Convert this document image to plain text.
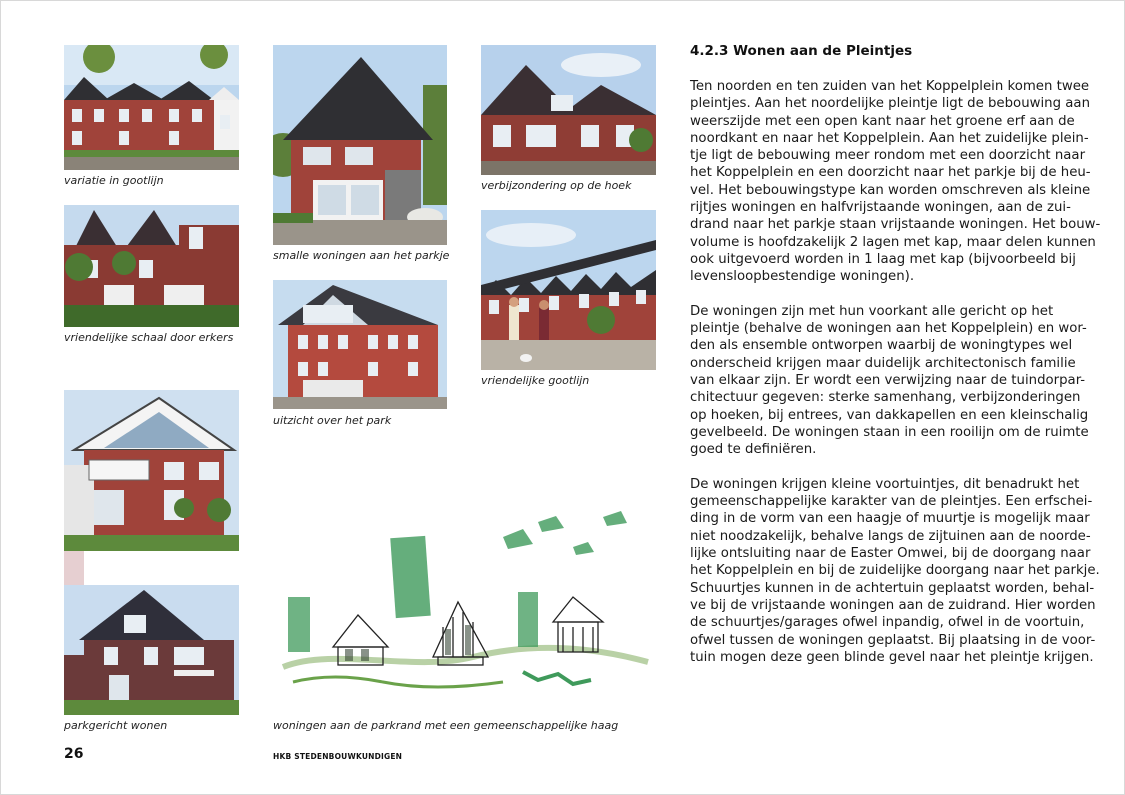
variatie in gootlijn
smalle woningen aan het parkje
verbijzondering op de hoek
vriendelijke schaal door erkers
uitzicht over het park
vriendelijke gootlijn
parkgericht wonen	woningen aan de parkrand met een gemeenschappelijke haag
4.2.3 Wonen aan de Pleintjes
Ten noorden en ten zuiden van het Koppelplein komen twee
pleintjes. Aan het noordelijke pleintje ligt de bebouwing aan
weerszijde met een open kant naar het groene erf aan de
noordkant en naar het Koppelplein. Aan het zuidelijke plein-
tje ligt de bebouwing meer rondom met een doorzicht naar
het Koppelplein en een doorzicht naar het parkje bij de heu-
vel. Het bebouwingstype kan worden omschreven als kleine
rijtjes woningen en halfvrijstaande woningen, aan de zui-
drand naar het parkje staan vrijstaande woningen. Het bouw-
volume is hoofdzakelijk 2 lagen met kap, maar delen kunnen
ook uitgevoerd worden in 1 laag met kap (bijvoorbeeld bij
levensloopbestendige woningen).
De woningen zijn met hun voorkant alle gericht op het
pleintje (behalve de woningen aan het Koppelplein) en wor-
den als ensemble ontworpen waarbij de woningtypes wel
onderscheid krijgen maar duidelijk architectonisch familie
van elkaar zijn. Er wordt een verwijzing naar de tuindorpar-
chitectuur gegeven: sterke samenhang, verbijzonderingen
op hoeken, bij entrees, van dakkapellen en een kleinschalig
gevelbeeld. De woningen staan in een rooilijn om de ruimte
goed te definiëren.
De woningen krijgen kleine voortuintjes, dit benadrukt het
gemeenschappelijke karakter van de pleintjes. Een erfschei-
ding in de vorm van een haagje of muurtje is mogelijk maar
niet noodzakelijk, behalve langs de zijtuinen aan de noorde-
lijke ontsluiting naar de Easter Omwei, bij de doorgang naar
het Koppelplein en bij de zuidelijke doorgang naar het parkje.
Schuurtjes kunnen in de achtertuin geplaatst worden, behal-
ve bij de vrijstaande woningen aan de zuidrand. Hier worden
de schuurtjes/garages ofwel inpandig, ofwel in de voortuin,
ofwel tussen de woningen geplaatst. Bij plaatsing in de voor-
tuin mogen deze geen blinde gevel naar het pleintje krijgen.
26	HKB STEDENBOUWKUNDIGEN
